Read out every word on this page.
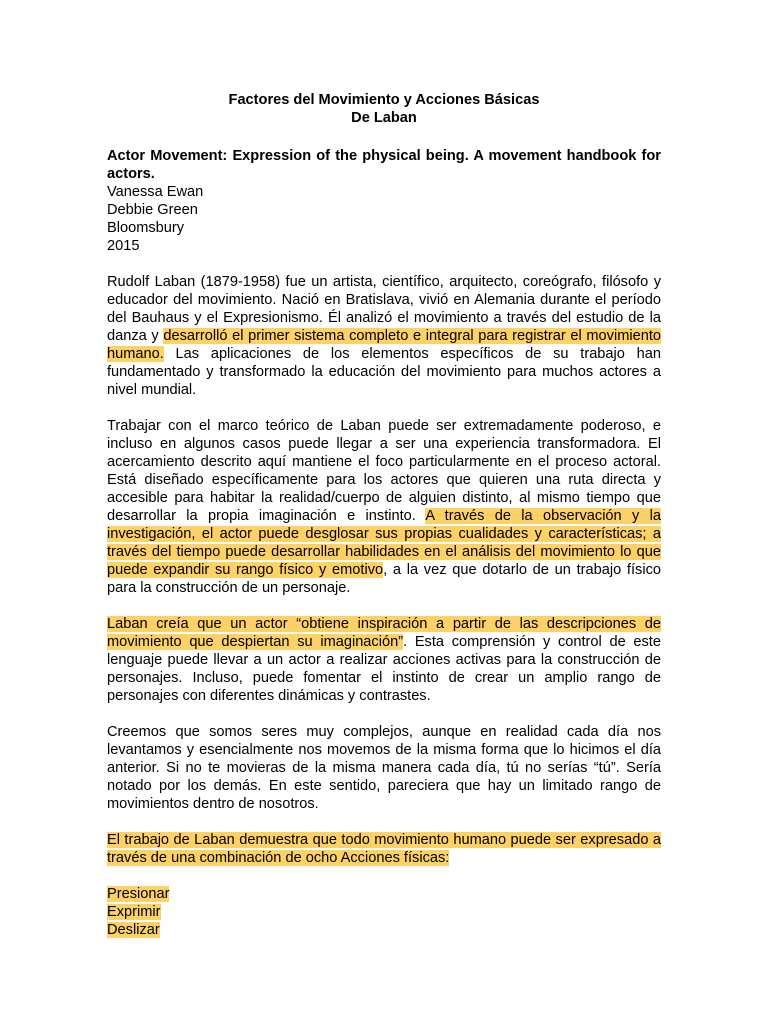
Factores del Movimiento y Acciones Básicas

De Laban

Actor Movement: Expression of the physical being. A movement handbook for actors.

Vanessa Ewan

Debbie Green

Bloomsbury

2015

Rudolf Laban (1879-1958) fue un artista, científico, arquitecto, coreógrafo, filósofo y educador del movimiento. Nació en Bratislava, vivió en Alemania durante el período del Bauhaus y el Expresionismo. Él analizó el movimiento a través del estudio de la danza y desarrolló el primer sistema completo e integral para registrar el movimiento humano. Las aplicaciones de los elementos específicos de su trabajo han fundamentado y transformado la educación del movimiento para muchos actores a nivel mundial.

Trabajar con el marco teórico de Laban puede ser extremadamente poderoso, e incluso en algunos casos puede llegar a ser una experiencia transformadora. El acercamiento descrito aquí mantiene el foco particularmente en el proceso actoral. Está diseñado específicamente para los actores que quieren una ruta directa y accesible para habitar la realidad/cuerpo de alguien distinto, al mismo tiempo que desarrollar la propia imaginación e instinto. A través de la observación y la investigación, el actor puede desglosar sus propias cualidades y características; a través del tiempo puede desarrollar habilidades en el análisis del movimiento lo que puede expandir su rango físico y emotivo, a la vez que dotarlo de un trabajo físico para la construcción de un personaje.

Laban creía que un actor “obtiene inspiración a partir de las descripciones de movimiento que despiertan su imaginación”. Esta comprensión y control de este lenguaje puede llevar a un actor a realizar acciones activas para la construcción de personajes. Incluso, puede fomentar el instinto de crear un amplio rango de personajes con diferentes dinámicas y contrastes.

Creemos que somos seres muy complejos, aunque en realidad cada día nos levantamos y esencialmente nos movemos de la misma forma que lo hicimos el día anterior. Si no te movieras de la misma manera cada día, tú no serías “tú”. Sería notado por los demás. En este sentido, pareciera que hay un limitado rango de movimientos dentro de nosotros.

El trabajo de Laban demuestra que todo movimiento humano puede ser expresado a través de una combinación de ocho Acciones físicas:

Presionar

Exprimir

Deslizar
